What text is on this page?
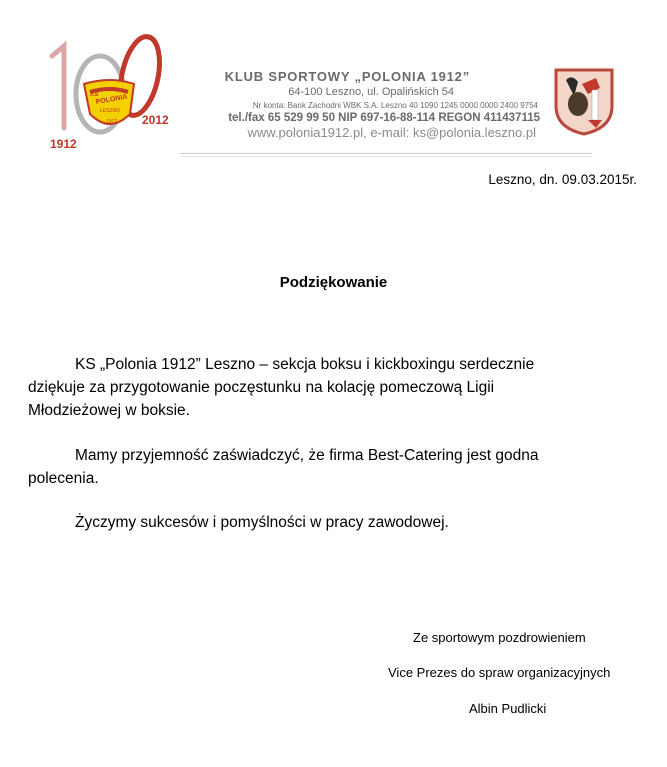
KS
POLONIA
LESZNO
1912
1912
2012
KLUB SPORTOWY „POLONIA 1912”
64-100 Leszno, ul. Opalińskich 54
Nr konta: Bank Zachodni WBK S.A. Leszno 40 1090 1245 0000 0000 2400 9754
tel./fax 65 529 99 50 NIP 697-16-88-114 REGON 411437115
www.polonia1912.pl, e-mail: ks@polonia.leszno.pl
Leszno, dn. 09.03.2015r.
Podziękowanie
KS „Polonia 1912” Leszno – sekcja boksu i kickboxingu serdecznie
dziękuje za przygotowanie poczęstunku na kolację pomeczową Ligii
Młodzieżowej w boksie.
Mamy przyjemność zaświadczyć, że firma Best-Catering jest godna
polecenia.
Życzymy sukcesów i pomyślności w pracy zawodowej.
Ze sportowym pozdrowieniem
Vice Prezes do spraw organizacyjnych
Albin Pudlicki
